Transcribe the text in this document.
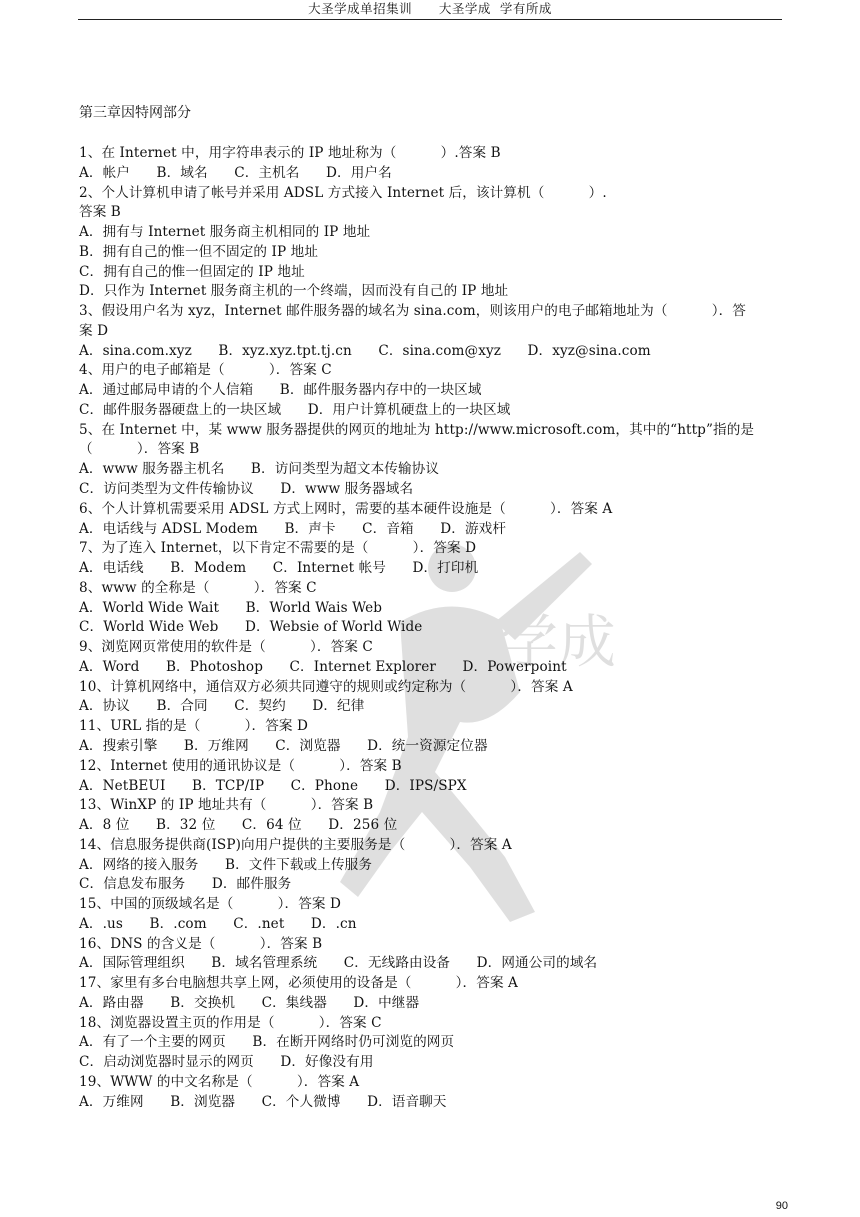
大圣学成单招集训      大圣学成  学有所成
学成
第三章因特网部分
1、在 Internet 中，用字符串表示的 IP 地址称为（          ）.答案 B
A．帐户      B．域名      C．主机名      D．用户名
2、个人计算机申请了帐号并采用 ADSL 方式接入 Internet 后，该计算机（          ）.
答案 B
A．拥有与 Internet 服务商主机相同的 IP 地址
B．拥有自己的惟一但不固定的 IP 地址
C．拥有自己的惟一但固定的 IP 地址
D．只作为 Internet 服务商主机的一个终端，因而没有自己的 IP 地址
3、假设用户名为 xyz，Internet 邮件服务器的域名为 sina.com，则该用户的电子邮箱地址为（          ）．答
案 D
A．sina.com.xyz      B．xyz.xyz.tpt.tj.cn      C．sina.com@xyz      D．xyz@sina.com
4、用户的电子邮箱是（          ）．答案 C
A．通过邮局申请的个人信箱      B．邮件服务器内存中的一块区域
C．邮件服务器硬盘上的一块区域      D．用户计算机硬盘上的一块区域
5、在 Internet 中，某 www 服务器提供的网页的地址为 http://www.microsoft.com，其中的“http”指的是
（          ）．答案 B
A．www 服务器主机名      B．访问类型为超文本传输协议
C．访问类型为文件传输协议      D．www 服务器域名
6、个人计算机需要采用 ADSL 方式上网时，需要的基本硬件设施是（          ）．答案 A
A．电话线与 ADSL Modem      B．声卡      C．音箱      D．游戏杆
7、为了连入 Internet，以下肯定不需要的是（          ）．答案 D
A．电话线      B．Modem      C．Internet 帐号      D．打印机
8、www 的全称是（          ）．答案 C
A．World Wide Wait      B．World Wais Web
C．World Wide Web      D．Websie of World Wide
9、浏览网页常使用的软件是（          ）．答案 C
A．Word      B．Photoshop      C．Internet Explorer      D．Powerpoint
10、计算机网络中，通信双方必须共同遵守的规则或约定称为（          ）．答案 A
A．协议      B．合同      C．契约      D．纪律
11、URL 指的是（          ）．答案 D
A．搜索引擎      B．万维网      C．浏览器      D．统一资源定位器
12、Internet 使用的通讯协议是（          ）．答案 B
A．NetBEUI      B．TCP/IP      C．Phone      D．IPS/SPX
13、WinXP 的 IP 地址共有（          ）．答案 B
A．8 位      B．32 位      C．64 位      D．256 位
14、信息服务提供商(ISP)向用户提供的主要服务是（          ）．答案 A
A．网络的接入服务      B．文件下载或上传服务
C．信息发布服务      D．邮件服务
15、中国的顶级域名是（          ）．答案 D
A．.us      B．.com      C．.net      D．.cn
16、DNS 的含义是（          ）．答案 B
A．国际管理组织      B．域名管理系统      C．无线路由设备      D．网通公司的域名
17、家里有多台电脑想共享上网，必须使用的设备是（          ）．答案 A
A．路由器      B．交换机      C．集线器      D．中继器
18、浏览器设置主页的作用是（          ）．答案 C
A．有了一个主要的网页      B．在断开网络时仍可浏览的网页
C．启动浏览器时显示的网页      D．好像没有用
19、WWW 的中文名称是（          ）．答案 A
A．万维网      B．浏览器      C．个人微博      D．语音聊天
90
